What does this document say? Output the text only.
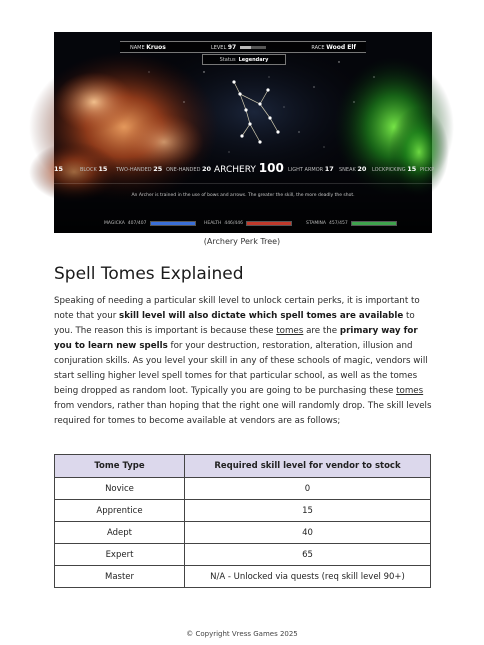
NAME Kruos	LEVEL 97	RACE Wood Elf
Status Legendary
15	BLOCK 15 TWO-HANDED 25 ONE-HANDED 20 ARCHERY 100 LIGHT ARMOR 17 SNEAK 20 LOCKPICKING 15 PICKP
An Archer is trained in the use of bows and arrows. The greater the skill, the more deadly the shot.
MAGICKA 407/407	HEALTH 446/446	STAMINA 457/457
(Archery Perk Tree)
Spell Tomes Explained

Speaking of needing a particular skill level to unlock certain perks, it is important to note that your skill level will also dictate which spell tomes are available to you. The reason this is important is because these tomes are the primary way for you to learn new spells for your destruction, restoration, alteration, illusion and conjuration skills. As you level your skill in any of these schools of magic, vendors will start selling higher level spell tomes for that particular school, as well as the tomes being dropped as random loot. Typically you are going to be purchasing these tomes from vendors, rather than hoping that the right one will randomly drop. The skill levels required for tomes to become available at vendors are as follows;

Tome Type	Required skill level for vendor to stock
Novice	0
Apprentice	15
Adept	40
Expert	65
Master	N/A - Unlocked via quests (req skill level 90+)
© Copyright Vress Games 2025
